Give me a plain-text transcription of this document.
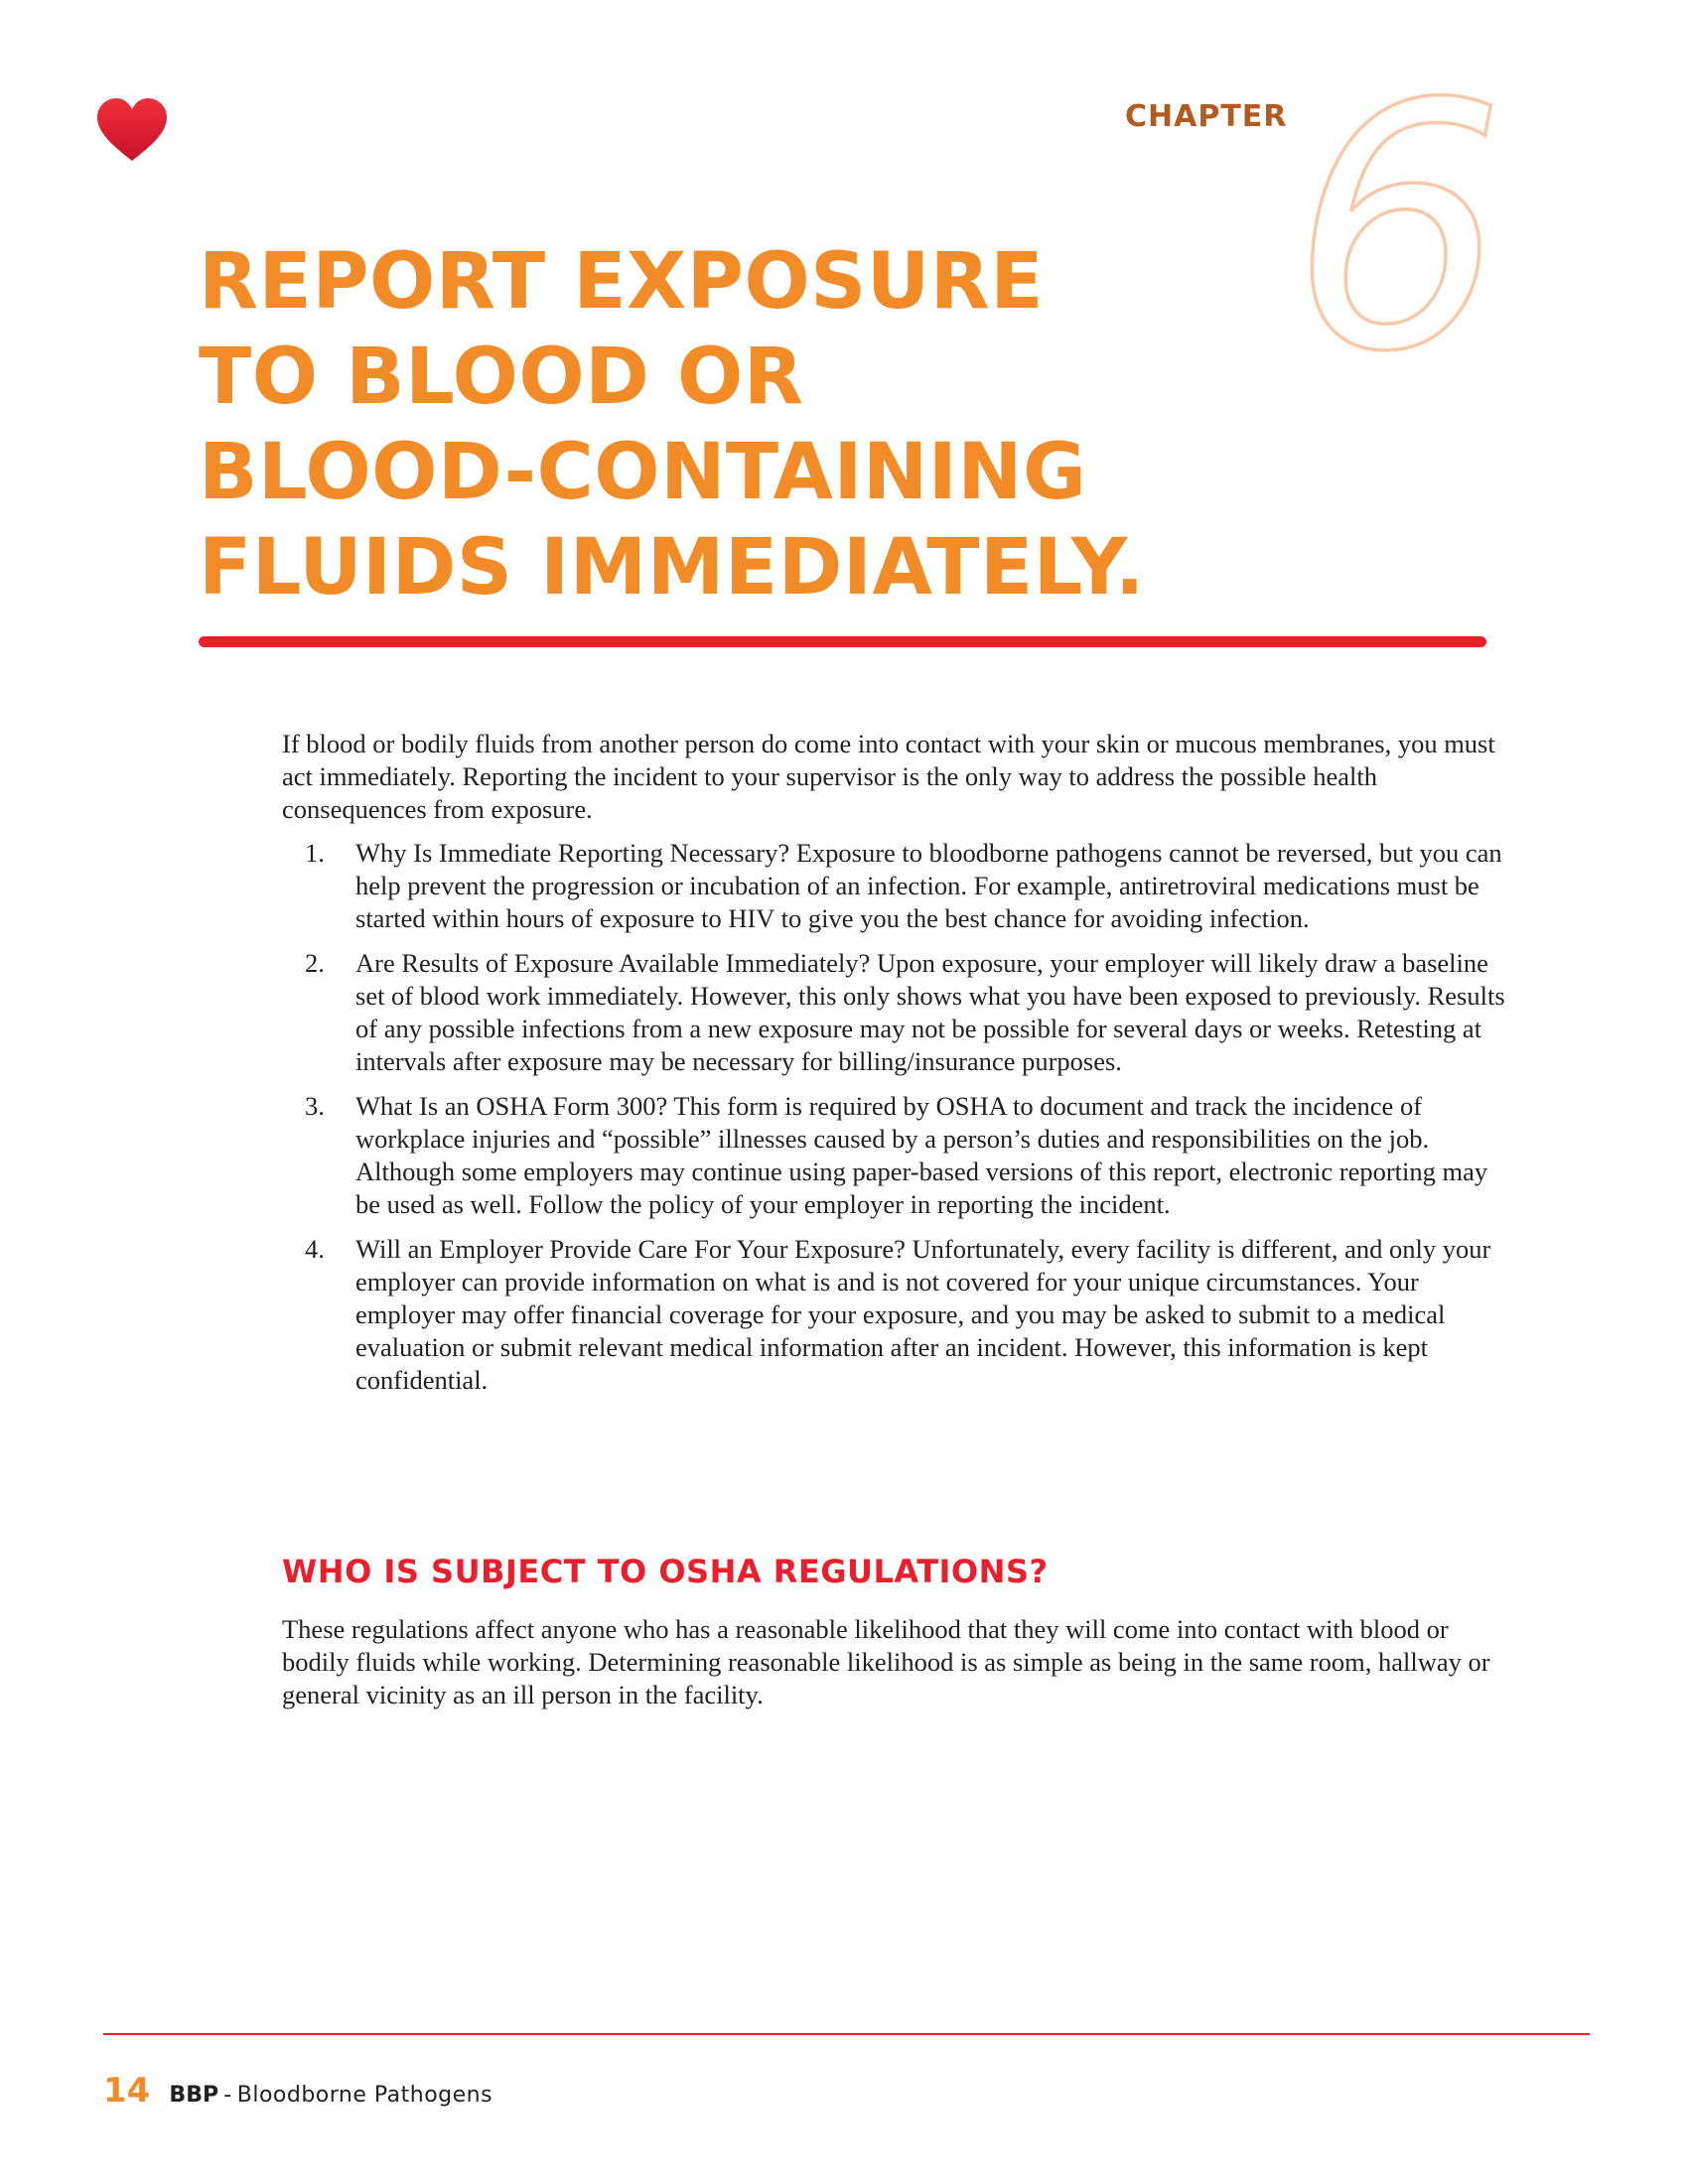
CHAPTER 6
REPORT EXPOSURE
TO BLOOD OR
BLOOD-CONTAINING
FLUIDS IMMEDIATELY.

If blood or bodily fluids from another person do come into contact with your skin or mucous membranes, you must act immediately. Reporting the incident to your supervisor is the only way to address the possible health consequences from exposure.

1. Why Is Immediate Reporting Necessary? Exposure to bloodborne pathogens cannot be reversed, but you can help prevent the progression or incubation of an infection. For example, antiretroviral medications must be started within hours of exposure to HIV to give you the best chance for avoiding infection.
2. Are Results of Exposure Available Immediately? Upon exposure, your employer will likely draw a baseline set of blood work immediately. However, this only shows what you have been exposed to previously. Results of any possible infections from a new exposure may not be possible for several days or weeks. Retesting at intervals after exposure may be necessary for billing/insurance purposes.
3. What Is an OSHA Form 300? This form is required by OSHA to document and track the incidence of workplace injuries and “possible” illnesses caused by a person’s duties and responsibilities on the job. Although some employers may continue using paper-based versions of this report, electronic reporting may be used as well. Follow the policy of your employer in reporting the incident.
4. Will an Employer Provide Care For Your Exposure? Unfortunately, every facility is different, and only your employer can provide information on what is and is not covered for your unique circumstances. Your employer may offer financial coverage for your exposure, and you may be asked to submit to a medical evaluation or submit relevant medical information after an incident. However, this information is kept confidential.
WHO IS SUBJECT TO OSHA REGULATIONS?

These regulations affect anyone who has a reasonable likelihood that they will come into contact with blood or bodily fluids while working. Determining reasonable likelihood is as simple as being in the same room, hallway or general vicinity as an ill person in the facility.

14 BBP - Bloodborne Pathogens
